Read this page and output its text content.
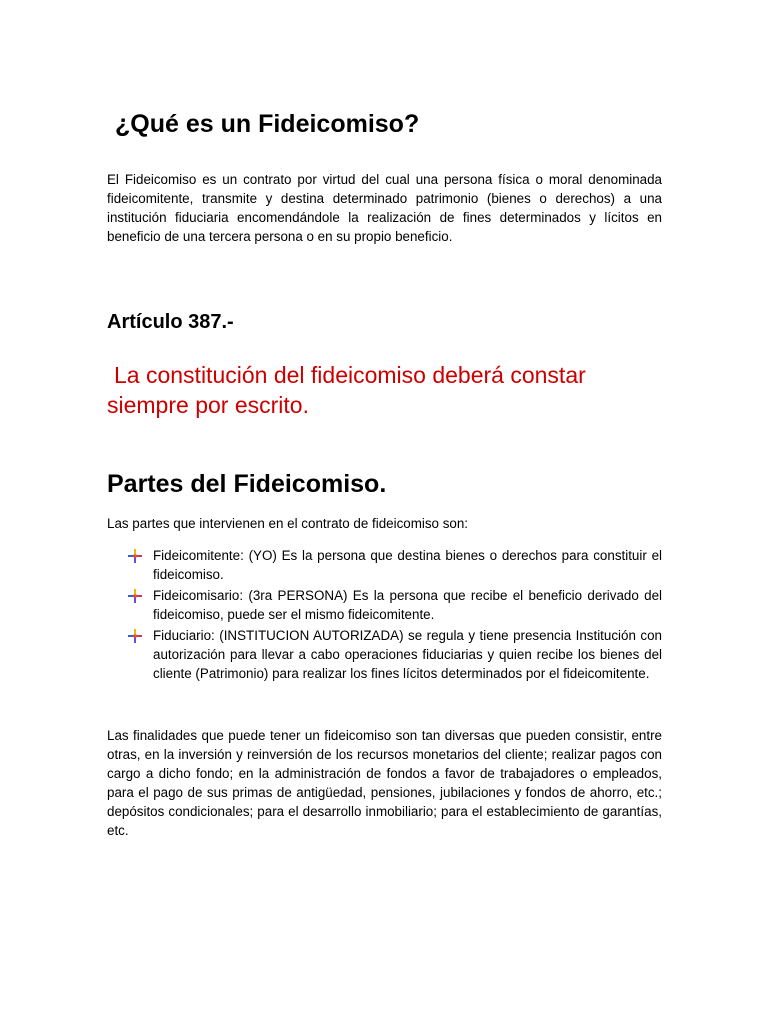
¿Qué es un Fideicomiso?

El Fideicomiso es un contrato por virtud del cual una persona física o moral denominada fideicomitente, transmite y destina determinado patrimonio (bienes o derechos) a una institución fiduciaria encomendándole la realización de fines determinados y lícitos en beneficio de una tercera persona o en su propio beneficio.

Artículo 387.-

La constitución del fideicomiso deberá constar siempre por escrito.

Partes del Fideicomiso.

Las partes que intervienen en el contrato de fideicomiso son:

Fideicomitente: (YO) Es la persona que destina bienes o derechos para constituir el fideicomiso.

Fideicomisario: (3ra PERSONA) Es la persona que recibe el beneficio derivado del fideicomiso, puede ser el mismo fideicomitente.

Fiduciario: (INSTITUCION AUTORIZADA) se regula y tiene presencia Institución con autorización para llevar a cabo operaciones fiduciarias y quien recibe los bienes del cliente (Patrimonio) para realizar los fines lícitos determinados por el fideicomitente.

Las finalidades que puede tener un fideicomiso son tan diversas que pueden consistir, entre otras, en la inversión y reinversión de los recursos monetarios del cliente; realizar pagos con cargo a dicho fondo; en la administración de fondos a favor de trabajadores o empleados, para el pago de sus primas de antigüedad, pensiones, jubilaciones y fondos de ahorro, etc.; depósitos condicionales; para el desarrollo inmobiliario; para el establecimiento de garantías, etc.
